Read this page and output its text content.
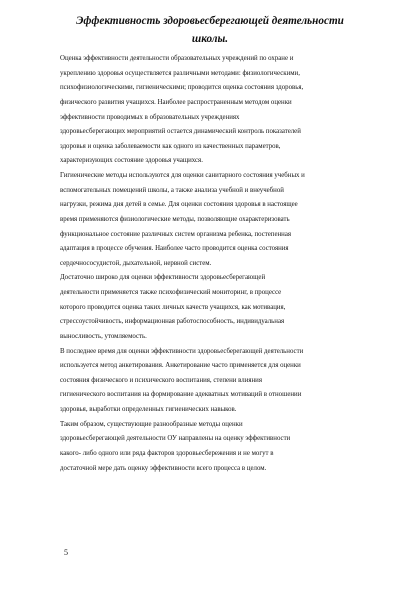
Эффективность здоровьесберегающей деятельности
школы.

Оценка эффективности деятельности образовательных учреждений по охране и
укреплению здоровья осуществляется различными методами: физиологическими,
психофизиологическими, гигиеническими; проводится оценка состояния здоровья,
физического развития учащихся. Наиболее распространенным методом оценки
эффективности проводимых в образовательных учреждениях
здоровьесберегающих мероприятий остается динамический контроль показателей
здоровья и оценка заболеваемости как одного из качественных параметров,
характеризующих состояние здоровья учащихся.

Гигиенические методы используются для оценки санитарного состояния учебных и
вспомогательных помещений школы, а также анализа учебной и внеучебной
нагрузки, режима дня детей в семье. Для оценки состояния здоровья в настоящее
время применяются физиологические методы, позволяющие охарактеризовать
функциональное состояние различных систем организма ребенка, постепенная
адаптация в процессе обучения. Наиболее часто проводится оценка состояния
сердечнососудистой, дыхательной, нервной систем.

Достаточно широко для оценки эффективности здоровьесберегающей
деятельности применяется также психофизический мониторинг, в процессе
которого проводится оценка таких личных качеств учащихся, как мотивация,
стрессоустойчивость, информационная работоспособность, индивидуальная
выносливость, утомляемость.

В последнее время для оценки эффективности здоровьесберегающей деятельности
используется метод анкетирования. Анкетирование часто применяется для оценки
состояния физического и психического воспитания, степени влияния
гигиенического воспитания на формирование адекватных мотиваций в отношении
здоровья, выработки определенных гигиенических навыков.

Таким образом, существующие разнообразные методы оценки
здоровьесберегающей деятельности ОУ направлены на оценку эффективности
какого- либо одного или ряда факторов здоровьесбережения и не могут в
достаточной мере дать оценку эффективности всего процесса в целом.

5
